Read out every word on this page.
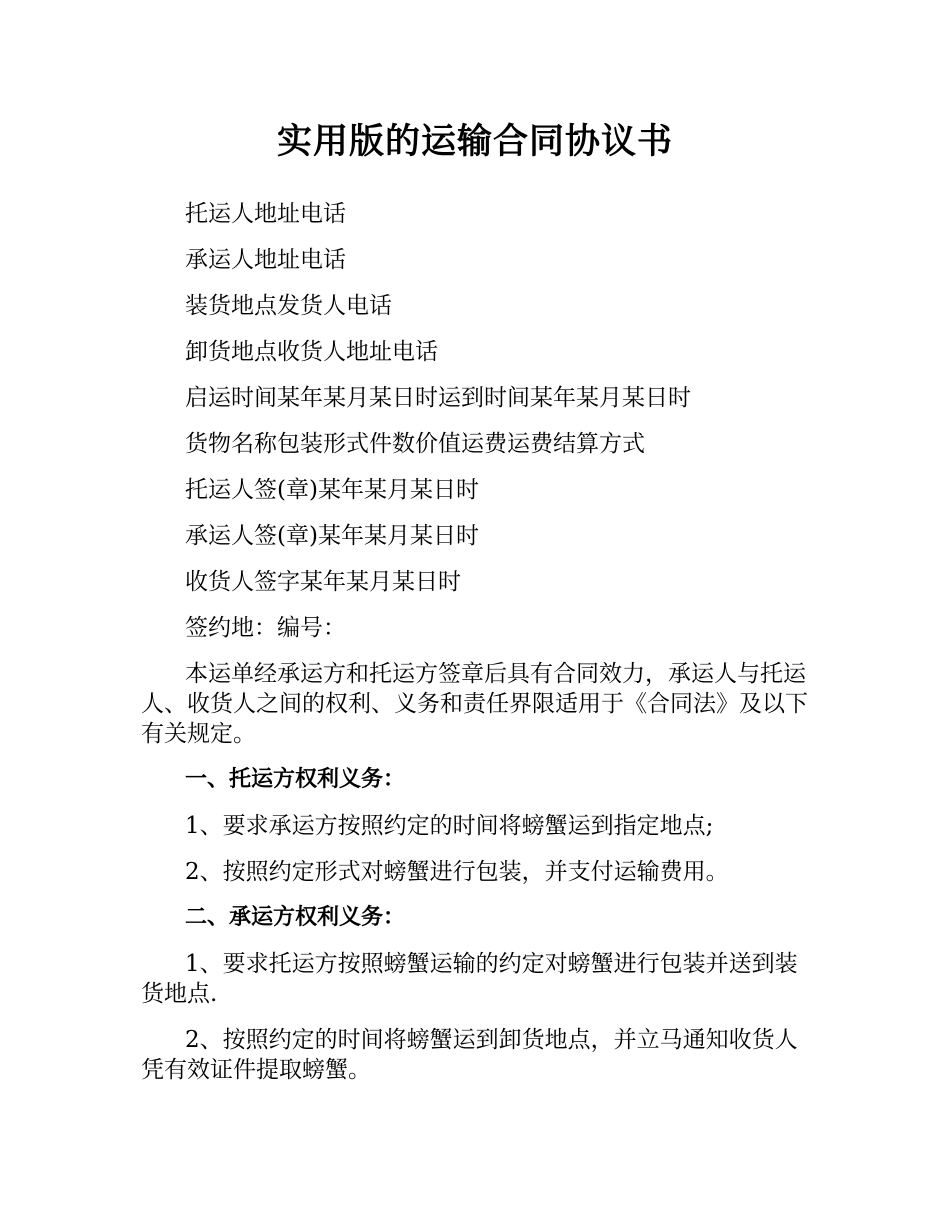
实用版的运输合同协议书

托运人地址电话

承运人地址电话

装货地点发货人电话

卸货地点收货人地址电话

启运时间某年某月某日时运到时间某年某月某日时

货物名称包装形式件数价值运费运费结算方式

托运人签(章)某年某月某日时

承运人签(章)某年某月某日时

收货人签字某年某月某日时

签约地：编号：

本运单经承运方和托运方签章后具有合同效力，承运人与托运人、收货人之间的权利、义务和责任界限适用于《合同法》及以下有关规定。

一、托运方权利义务：

1、要求承运方按照约定的时间将螃蟹运到指定地点;

2、按照约定形式对螃蟹进行包装，并支付运输费用。

二、承运方权利义务：

1、要求托运方按照螃蟹运输的约定对螃蟹进行包装并送到装货地点.

2、按照约定的时间将螃蟹运到卸货地点，并立马通知收货人凭有效证件提取螃蟹。
